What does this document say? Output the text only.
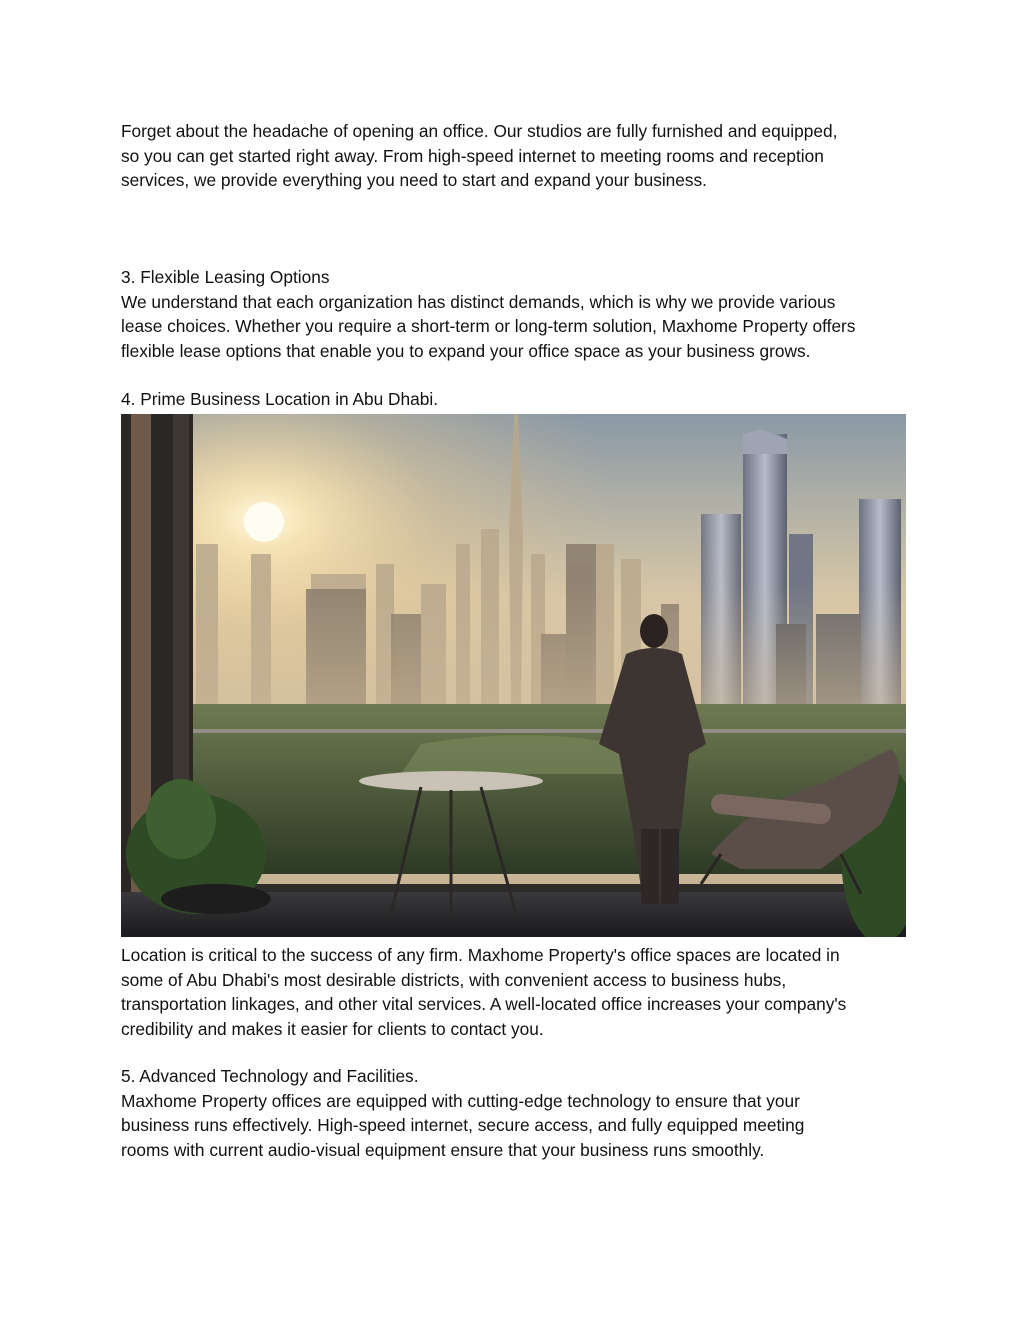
Forget about the headache of opening an office. Our studios are fully furnished and equipped,
so you can get started right away. From high-speed internet to meeting rooms and reception
services, we provide everything you need to start and expand your business.
3. Flexible Leasing Options
We understand that each organization has distinct demands, which is why we provide various
lease choices. Whether you require a short-term or long-term solution, Maxhome Property offers
flexible lease options that enable you to expand your office space as your business grows.
4. Prime Business Location in Abu Dhabi.
Location is critical to the success of any firm. Maxhome Property's office spaces are located in
some of Abu Dhabi's most desirable districts, with convenient access to business hubs,
transportation linkages, and other vital services. A well-located office increases your company's
credibility and makes it easier for clients to contact you.
5. Advanced Technology and Facilities.
Maxhome Property offices are equipped with cutting-edge technology to ensure that your
business runs effectively. High-speed internet, secure access, and fully equipped meeting
rooms with current audio-visual equipment ensure that your business runs smoothly.
